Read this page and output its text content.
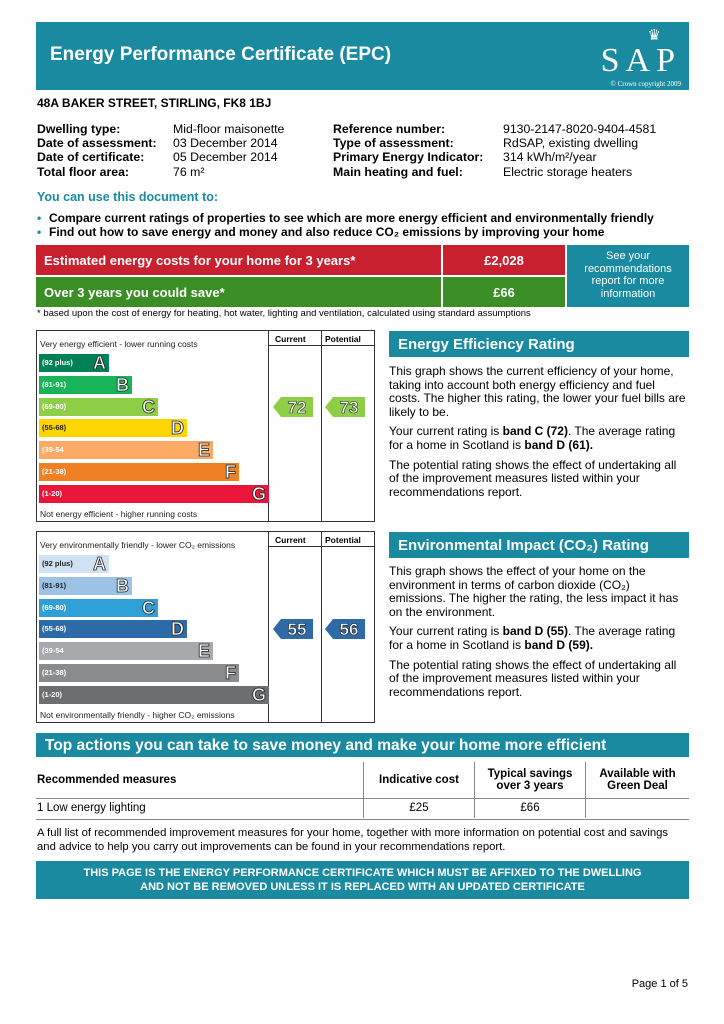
Energy Performance Certificate (EPC)
♛
SAP
© Crown copyright 2009
48A BAKER STREET, STIRLING, FK8 1BJ
Dwelling type:	Mid-floor maisonette
Date of assessment:	03 December 2014
Date of certificate:	05 December 2014
Total floor area:	76 m²
Reference number:	9130-2147-8020-9404-4581
Type of assessment:	RdSAP, existing dwelling
Primary Energy Indicator:	314 kWh/m²/year
Main heating and fuel:	Electric storage heaters
You can use this document to:
• Compare current ratings of properties to see which are more energy efficient and environmentally friendly
• Find out how to save energy and money and also reduce CO₂ emissions by improving your home
Estimated energy costs for your home for 3 years*	£2,028
Over 3 years you could save*	£66
See your recommendations report for more information
* based upon the cost of energy for heating, hot water, lighting and ventilation, calculated using standard assumptions
Current Potential
Very energy efficient - lower running costs
(92 plus) A
(81-91)	B
(69-80)	C
(55-68)	D
(39-54	E
(21-38)	F
(1-20)	G
Not energy efficient - higher running costs
72	73
Current Potential
Very environmentally friendly - lower CO₂ emissions
(92 plus) A
(81-91)	B
(69-80)	C
(55-68)	D
(39-54	E
(21-38)	F
(1-20)	G
Not environmentally friendly - higher CO₂ emissions
55	56
Energy Efficiency Rating
This graph shows the current efficiency of your home, taking into account both energy efficiency and fuel costs. The higher this rating, the lower your fuel bills are likely to be.
Your current rating is band C (72). The average rating for a home in Scotland is band D (61).
The potential rating shows the effect of undertaking all of the improvement measures listed within your recommendations report.
Environmental Impact (CO₂) Rating
This graph shows the effect of your home on the environment in terms of carbon dioxide (CO₂) emissions. The higher the rating, the less impact it has on the environment.
Your current rating is band D (55). The average rating for a home in Scotland is band D (59).
The potential rating shows the effect of undertaking all of the improvement measures listed within your recommendations report.
Top actions you can take to save money and make your home more efficient
Recommended measures	Indicative cost	Typical savings over 3 years	Available with Green Deal
1 Low energy lighting	£25	£66	
A full list of recommended improvement measures for your home, together with more information on potential cost and savings and advice to help you carry out improvements can be found in your recommendations report.
THIS PAGE IS THE ENERGY PERFORMANCE CERTIFICATE WHICH MUST BE AFFIXED TO THE DWELLING AND NOT BE REMOVED UNLESS IT IS REPLACED WITH AN UPDATED CERTIFICATE
Page 1 of 5
